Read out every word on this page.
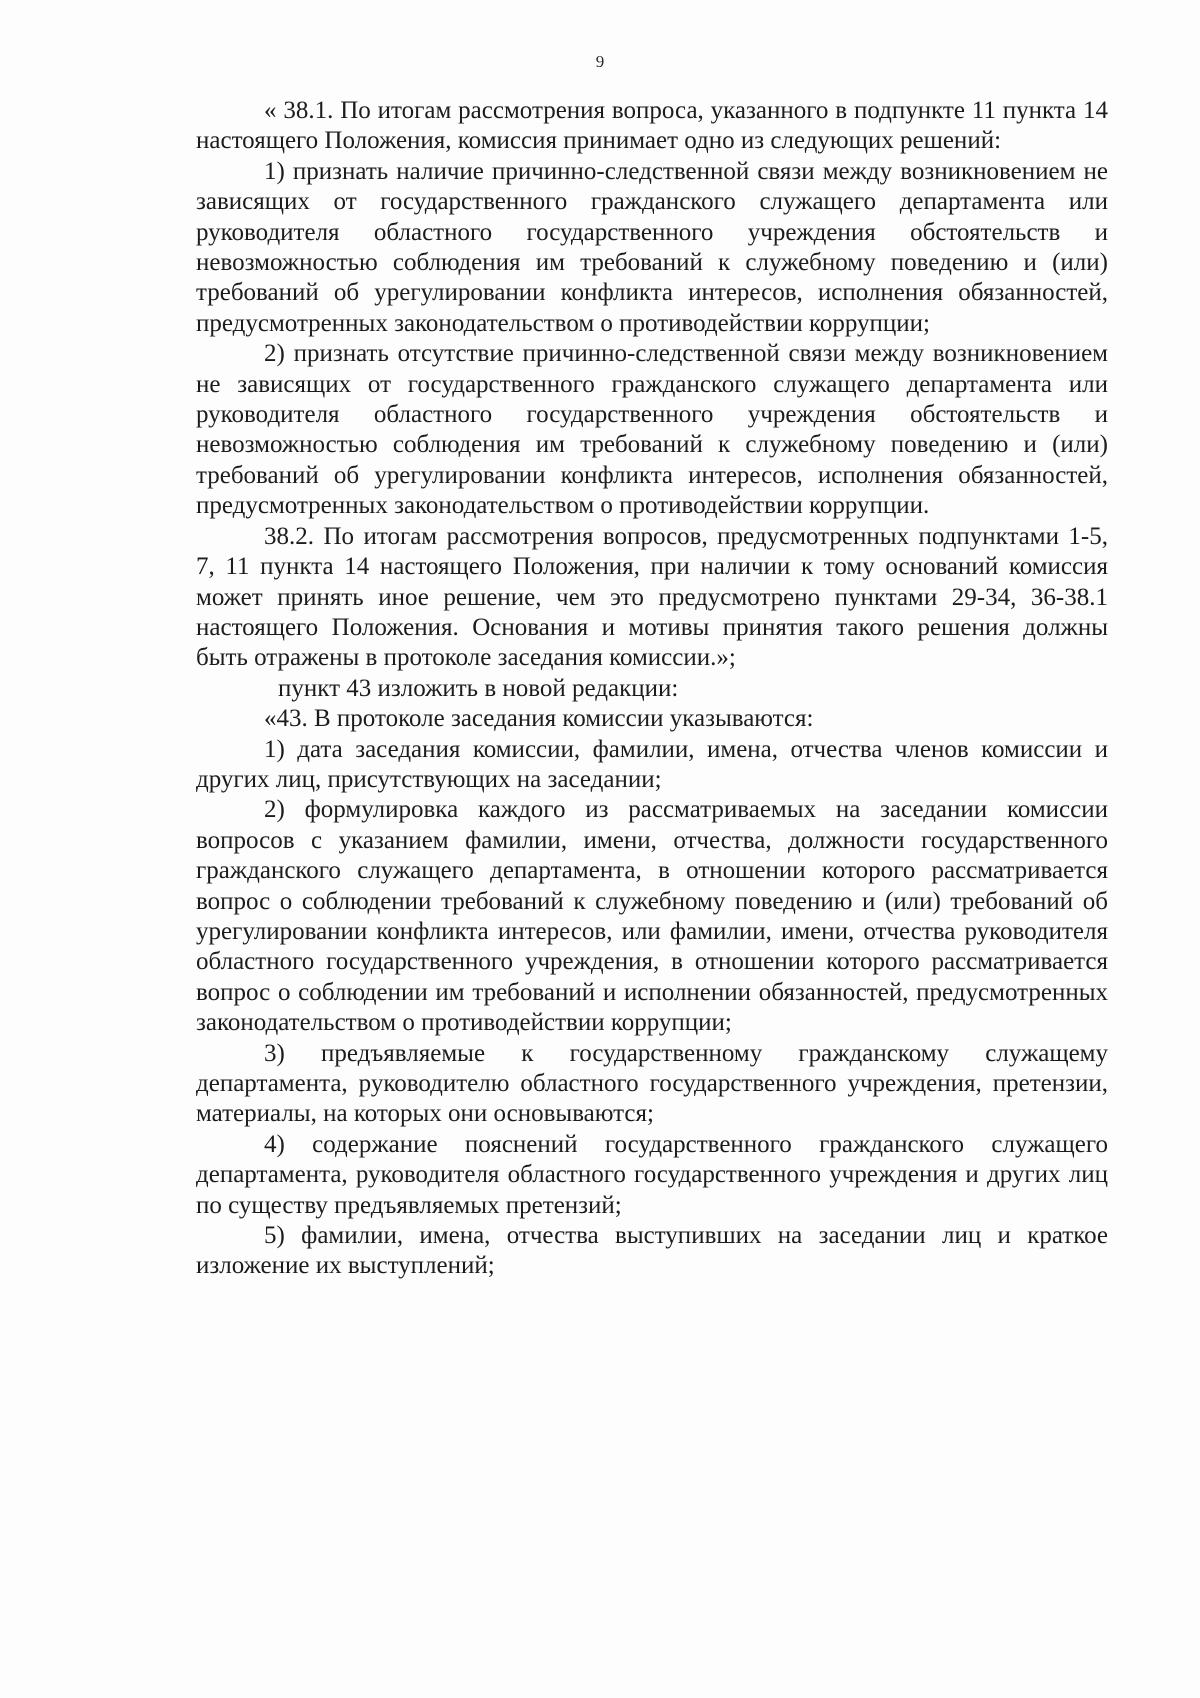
9

« 38.1. По итогам рассмотрения вопроса, указанного в подпункте 11 пункта 14 настоящего Положения, комиссия принимает одно из следующих решений:

1) признать наличие причинно-следственной связи между возникновением не зависящих от государственного гражданского служащего департамента или руководителя областного государственного учреждения обстоятельств и невозможностью соблюдения им требований к служебному поведению и (или) требований об урегулировании конфликта интересов, исполнения обязанностей, предусмотренных законодательством о противодействии коррупции;

2) признать отсутствие причинно-следственной связи между возникновением не зависящих от государственного гражданского служащего департамента или руководителя областного государственного учреждения обстоятельств и невозможностью соблюдения им требований к служебному поведению и (или) требований об урегулировании конфликта интересов, исполнения обязанностей, предусмотренных законодательством о противодействии коррупции.

38.2. По итогам рассмотрения вопросов, предусмотренных подпунктами 1-5, 7, 11 пункта 14 настоящего Положения, при наличии к тому оснований комиссия может принять иное решение, чем это предусмотрено пунктами 29-34, 36-38.1 настоящего Положения. Основания и мотивы принятия такого решения должны быть отражены в протоколе заседания комиссии.»;

пункт 43 изложить в новой редакции:

«43. В протоколе заседания комиссии указываются:

1) дата заседания комиссии, фамилии, имена, отчества членов комиссии и других лиц, присутствующих на заседании;

2) формулировка каждого из рассматриваемых на заседании комиссии вопросов с указанием фамилии, имени, отчества, должности государственного гражданского служащего департамента, в отношении которого рассматривается вопрос о соблюдении требований к служебному поведению и (или) требований об урегулировании конфликта интересов, или фамилии, имени, отчества руководителя областного государственного учреждения, в отношении которого рассматривается вопрос о соблюдении им требований и исполнении обязанностей, предусмотренных законодательством о противодействии коррупции;

3) предъявляемые к государственному гражданскому служащему департамента, руководителю областного государственного учреждения, претензии, материалы, на которых они основываются;

4) содержание пояснений государственного гражданского служащего департамента, руководителя областного государственного учреждения и других лиц по существу предъявляемых претензий;

5) фамилии, имена, отчества выступивших на заседании лиц и краткое изложение их выступлений;
